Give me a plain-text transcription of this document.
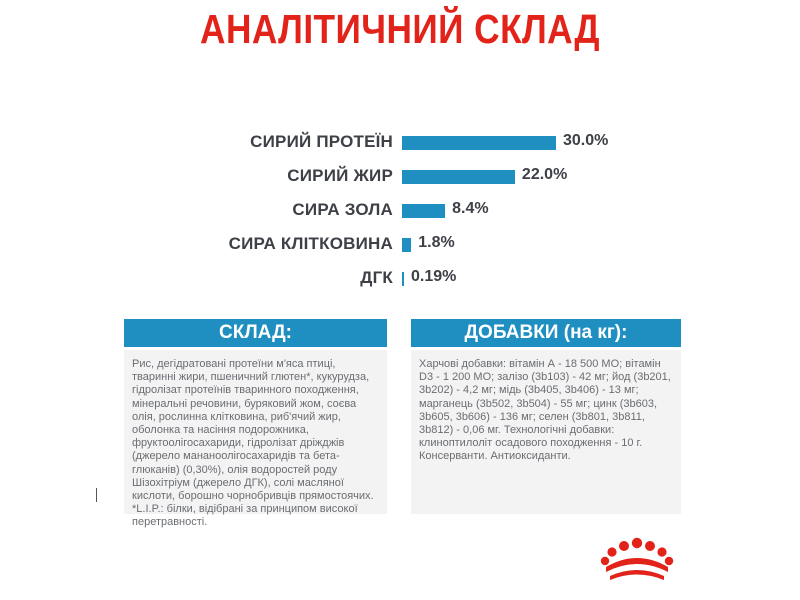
АНАЛІТИЧНИЙ СКЛАД
СИРИЙ ПРОТЕЇН	30.0%
СИРИЙ ЖИР	22.0%
СИРА ЗОЛА	8.4%
СИРА КЛІТКОВИНА 1.8%
ДГК 0.19%
СКЛАД:

Рис, дегідратовані протеїни м'яса птиці, тваринні жири, пшеничний глютен*, кукурудза, гідролізат протеїнів тваринного походження, мінеральні речовини, буряковий жом, соєва олія, рослинна клітковина, риб'ячий жир, оболонка та насіння подорожника, фруктоолігосахариди, гідролізат дріжджів (джерело манaноолігосахаридів та бета-глюканів) (0,30%), олія водоростей роду Шізохітріум (джерело ДГК), солі масляної кислоти, борошно чорнобривців прямостоячих.

*L.I.P.: білки, відібрані за принципом високої перетравності.

ДОБАВКИ (на кг):

Харчові добавки: вітамін А - 18 500 МО; вітамін D3 - 1 200 МО; залізо (3b103) - 42 мг; йод (3b201, 3b202) - 4,2 мг; мідь (3b405, 3b406) - 13 мг; марганець (3b502, 3b504) - 55 мг; цинк (3b603, 3b605, 3b606) - 136 мг; селен (3b801, 3b811, 3b812) - 0,06 мг. Технологічні добавки: клиноптилоліт осадового походження - 10 г. Консерванти. Антиоксиданти.
